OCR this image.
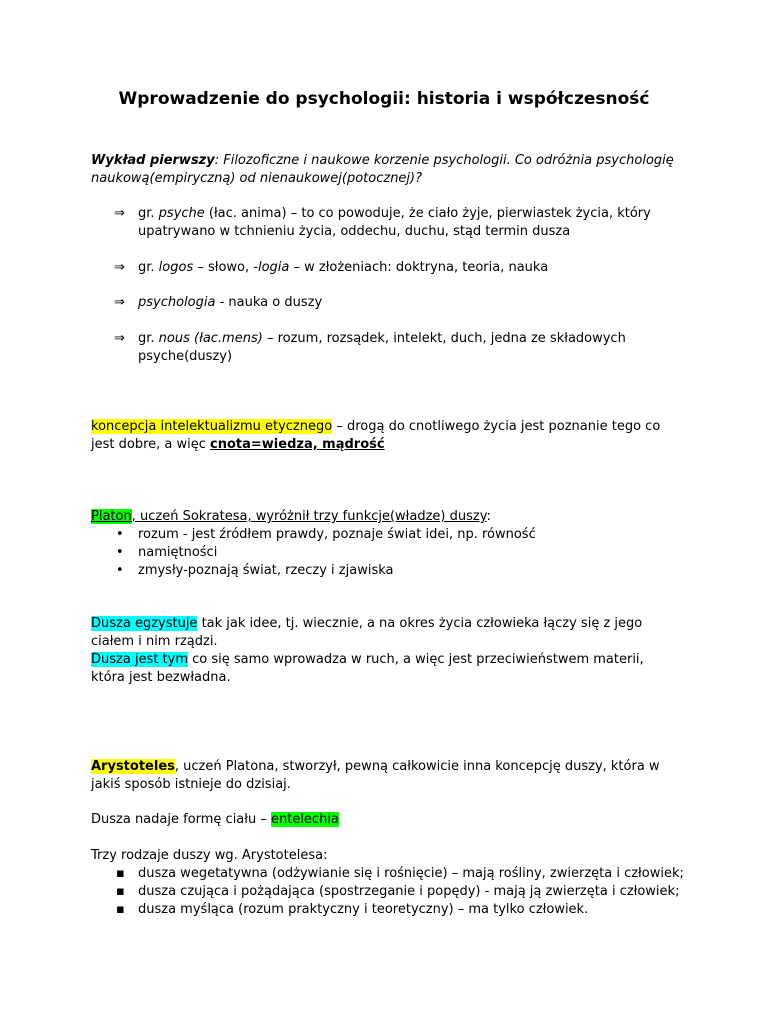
Wprowadzenie do psychologii: historia i współczesność
Wykład pierwszy: Filozoficzne i naukowe korzenie psychologii. Co odróżnia psychologię naukową(empiryczną) od nienaukowej(potocznej)?
⇒ gr. psyche (łac. anima) – to co powoduje, że ciało żyje, pierwiastek życia, który upatrywano w tchnieniu życia, oddechu, duchu, stąd termin dusza
⇒ gr. logos – słowo, -logia – w złożeniach: doktryna, teoria, nauka
⇒ psychologia - nauka o duszy
⇒ gr. nous (łac.mens) – rozum, rozsądek, intelekt, duch, jedna ze składowych psyche(duszy)
koncepcja intelektualizmu etycznego – drogą do cnotliwego życia jest poznanie tego co jest dobre, a więc cnota=wiedza, mądrość
Platon, uczeń Sokratesa, wyróżnił trzy funkcje(władze) duszy:
• rozum - jest źródłem prawdy, poznaje świat idei, np. równość
• namiętności
• zmysły-poznają świat, rzeczy i zjawiska
Dusza egzystuje tak jak idee, tj. wiecznie, a na okres życia człowieka łączy się z jego ciałem i nim rządzi.
Dusza jest tym co się samo wprowadza w ruch, a więc jest przeciwieństwem materii, która jest bezwładna.
Arystoteles, uczeń Platona, stworzył, pewną całkowicie inna koncepcję duszy, która w jakiś sposób istnieje do dzisiaj.
Dusza nadaje formę ciału – entelechia
Trzy rodzaje duszy wg. Arystotelesa:
▪ dusza wegetatywna (odżywianie się i rośnięcie) – mają rośliny, zwierzęta i człowiek;
▪ dusza czująca i pożądająca (spostrzeganie i popędy) - mają ją zwierzęta i człowiek;
▪ dusza myśląca (rozum praktyczny i teoretyczny) – ma tylko człowiek.
